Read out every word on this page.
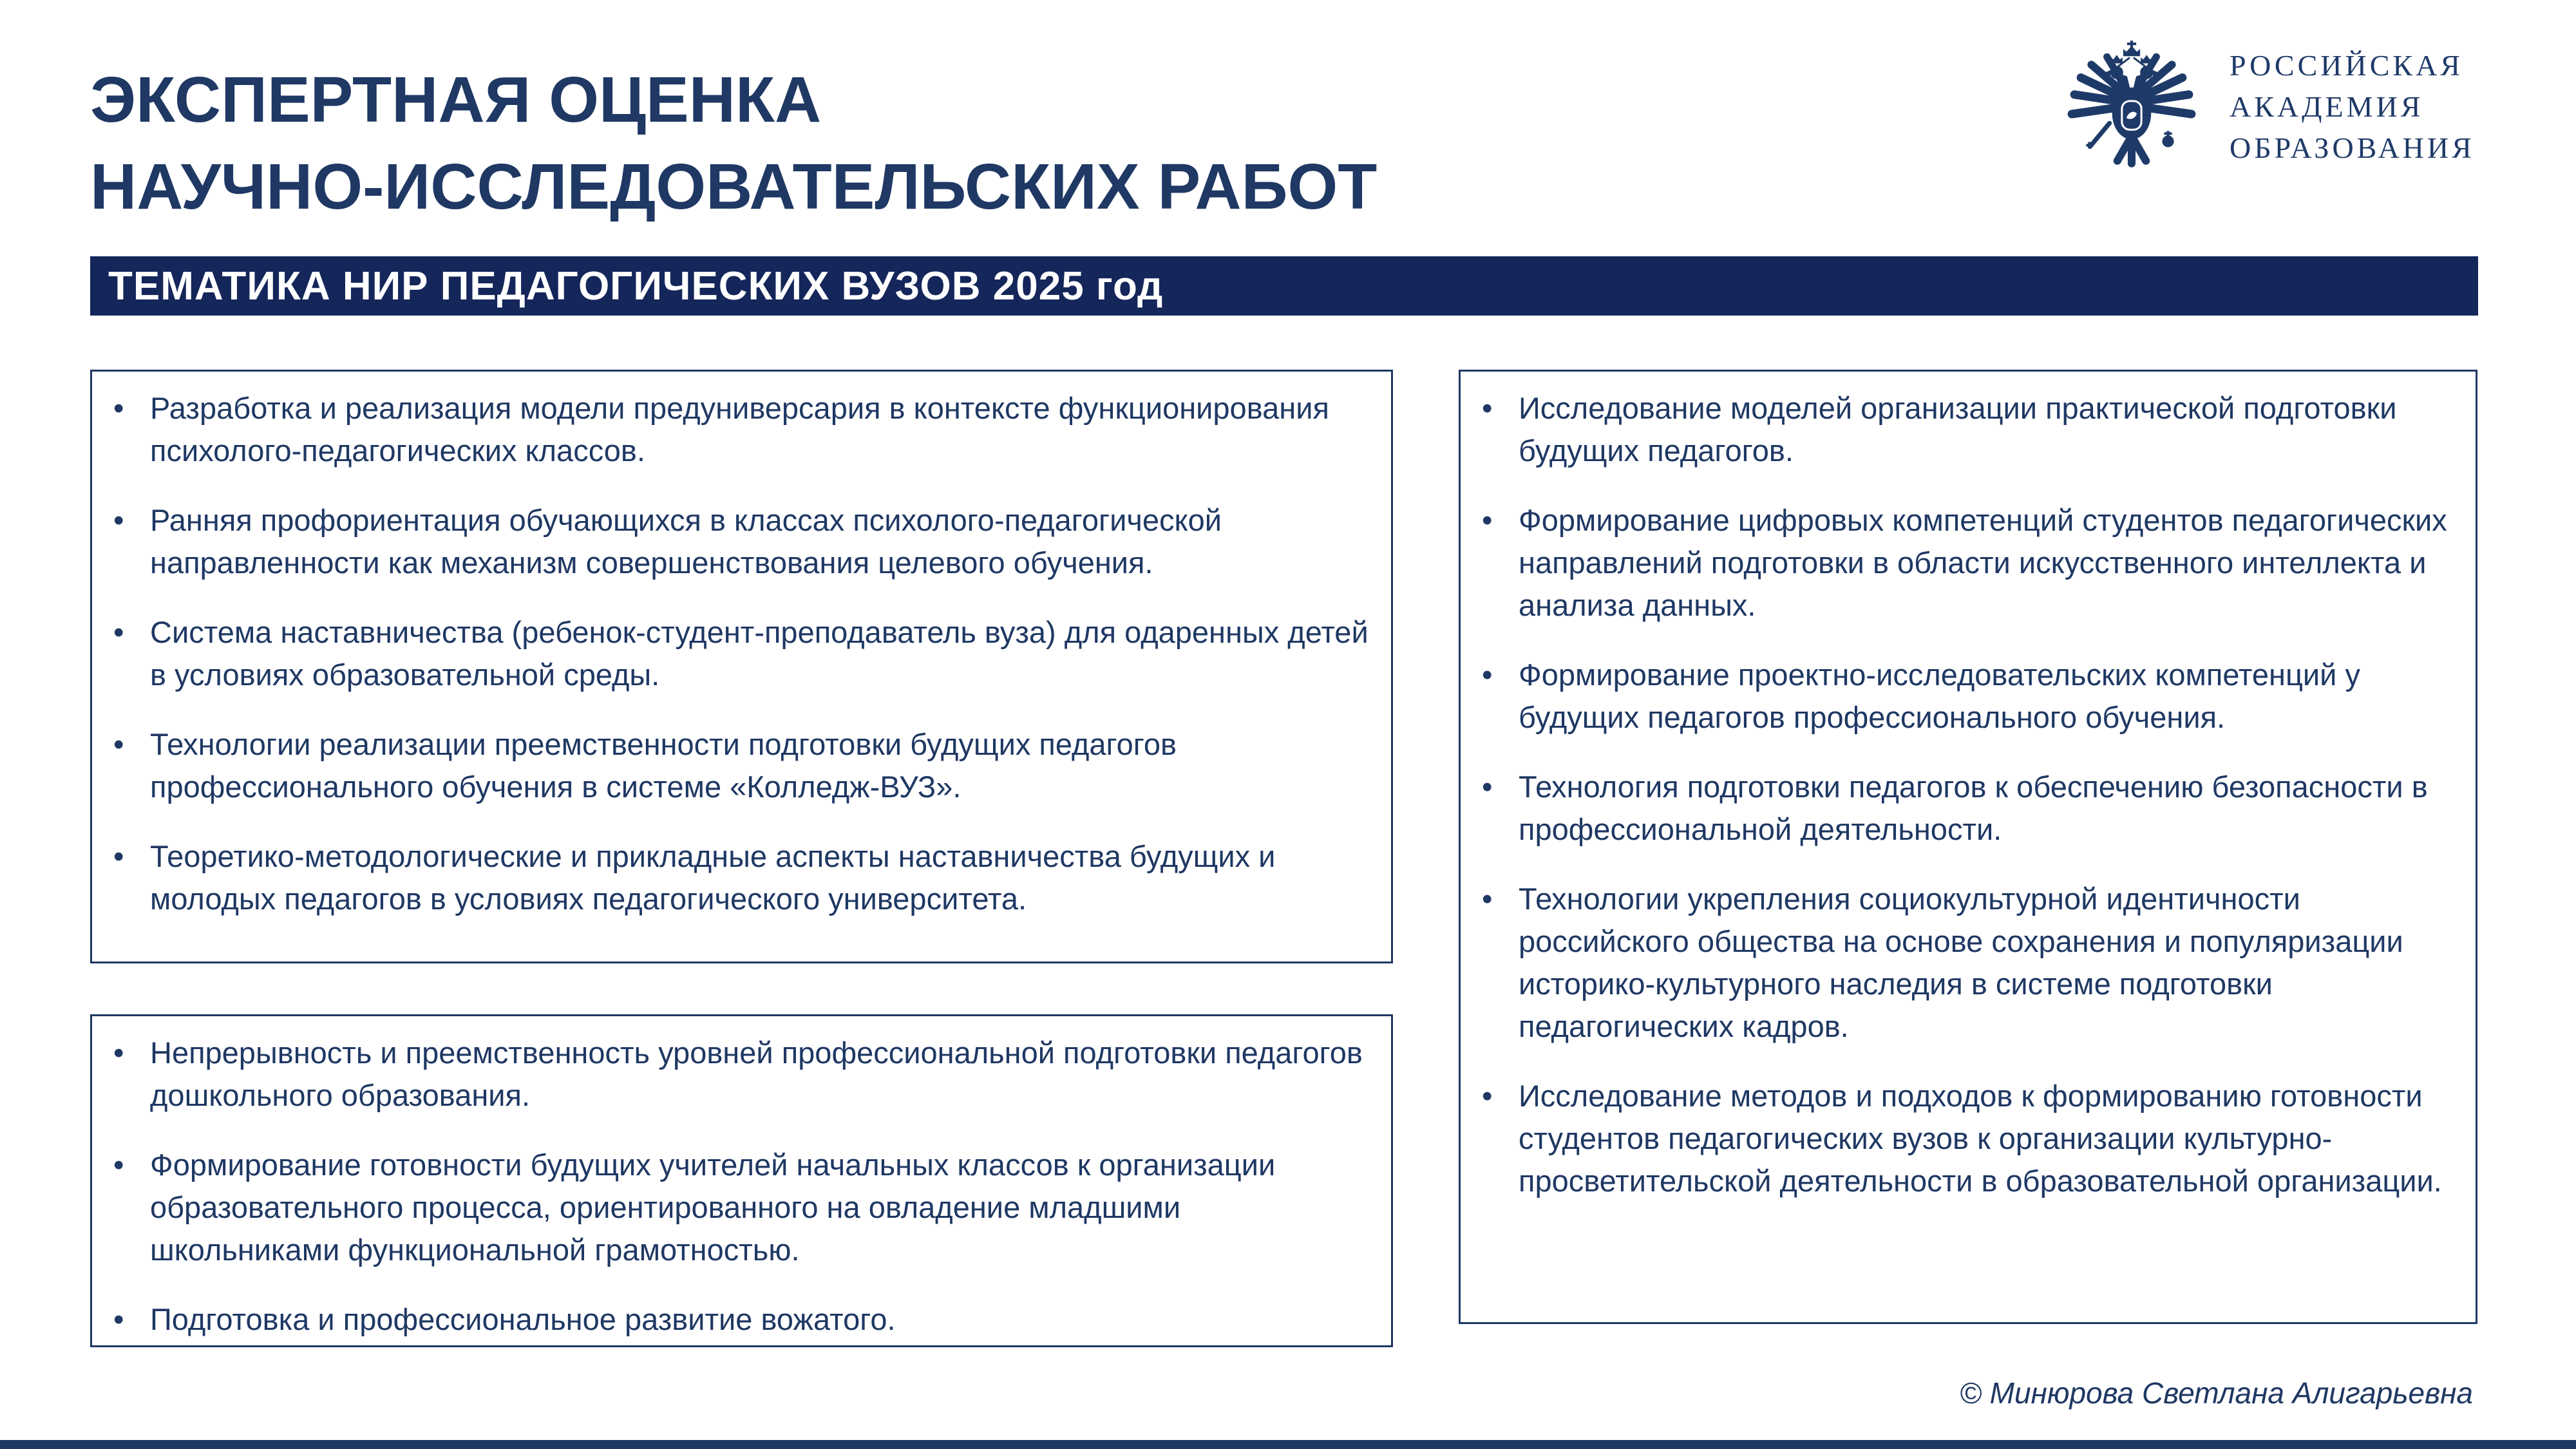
ЭКСПЕРТНАЯ ОЦЕНКА
НАУЧНО-ИССЛЕДОВАТЕЛЬСКИХ РАБОТ
РОССИЙСКАЯ
АКАДЕМИЯ
ОБРАЗОВАНИЯ
ТЕМАТИКА НИР ПЕДАГОГИЧЕСКИХ ВУЗОВ 2025 год
• Разработка и реализация модели предуниверсария в контексте функционирования психолого-педагогических классов.
• Ранняя профориентация обучающихся в классах психолого-педагогической направленности как механизм совершенствования целевого обучения.
• Система наставничества (ребенок-студент-преподаватель вуза) для одаренных детей в условиях образовательной среды.
• Технологии реализации преемственности подготовки будущих педагогов профессионального обучения в системе «Колледж-ВУЗ».
• Теоретико-методологические и прикладные аспекты наставничества будущих и молодых педагогов в условиях педагогического университета.
• Непрерывность и преемственность уровней профессиональной подготовки педагогов дошкольного образования.
• Формирование готовности будущих учителей начальных классов к организации образовательного процесса, ориентированного на овладение младшими школьниками функциональной грамотностью.
• Подготовка и профессиональное развитие вожатого.
• Исследование моделей организации практической подготовки будущих педагогов.
• Формирование цифровых компетенций студентов педагогических направлений подготовки в области искусственного интеллекта и анализа данных.
• Формирование проектно-исследовательских компетенций у будущих педагогов профессионального обучения.
• Технология подготовки педагогов к обеспечению безопасности в профессиональной деятельности.
• Технологии укрепления социокультурной идентичности российского общества на основе сохранения и популяризации историко-культурного наследия в системе подготовки педагогических кадров.
• Исследование методов и подходов к формированию готовности студентов педагогических вузов к организации культурно-просветительской деятельности в образовательной организации.
© Минюрова Светлана Алигарьевна
